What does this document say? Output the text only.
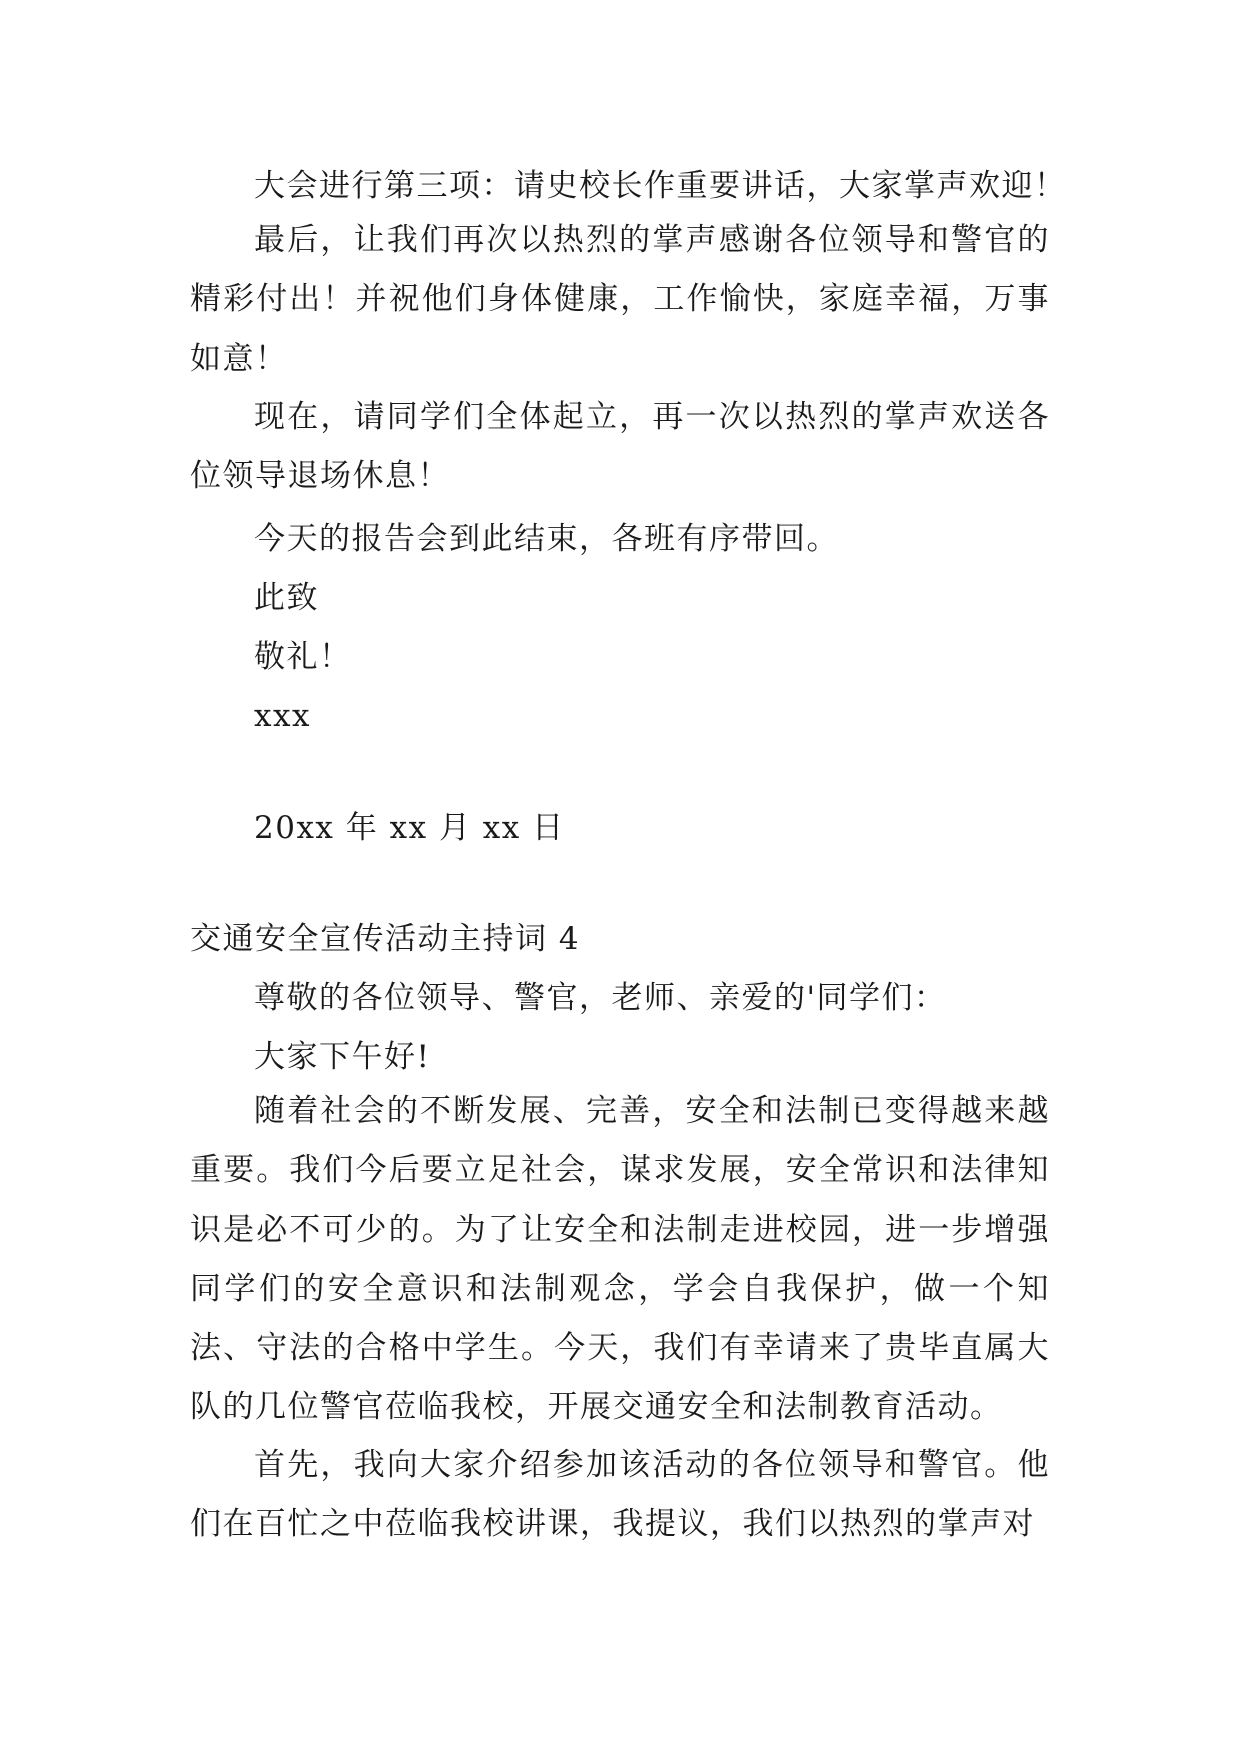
大会进行第三项：请史校长作重要讲话，大家掌声欢迎！

最后，让我们再次以热烈的掌声感谢各位领导和警官的精彩付出！并祝他们身体健康，工作愉快，家庭幸福，万事如意！

现在，请同学们全体起立，再一次以热烈的掌声欢送各位领导退场休息！

今天的报告会到此结束，各班有序带回。

此致

敬礼！

xxx

20xx 年 xx 月 xx 日

交通安全宣传活动主持词 4

尊敬的各位领导、警官，老师、亲爱的'同学们：

大家下午好!

随着社会的不断发展、完善，安全和法制已变得越来越重要。我们今后要立足社会，谋求发展，安全常识和法律知识是必不可少的。为了让安全和法制走进校园，进一步增强同学们的安全意识和法制观念，学会自我保护，做一个知法、守法的合格中学生。今天，我们有幸请来了贵毕直属大队的几位警官莅临我校，开展交通安全和法制教育活动。

首先，我向大家介绍参加该活动的各位领导和警官。他们在百忙之中莅临我校讲课，我提议，我们以热烈的掌声对
